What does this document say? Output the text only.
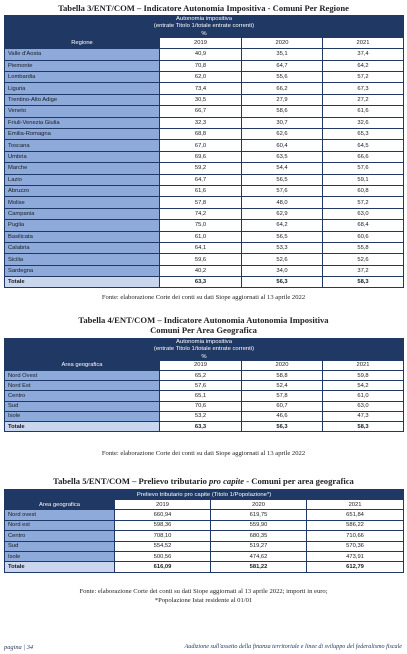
Tabella 3/ENT/COM – Indicatore Autonomia Impositiva - Comuni Per Regione
Autonomia impositiva			
(entrate Titolo 1/totale entrate correnti)			
%			
Regione	2019	2020	2021
Valle d'Aosta	40,9	35,1	37,4
Piemonte	70,8	64,7	64,2
Lombardia	62,0	55,6	57,2
Liguria	73,4	66,2	67,3
Trentino-Alto Adige	30,5	27,9	27,2
Veneto	66,7	58,6	61,6
Friuli-Venezia Giulia	32,3	30,7	32,6
Emilia-Romagna	68,8	62,6	65,3
Toscana	67,0	60,4	64,5
Umbria	69,6	63,5	66,6
Marche	59,2	54,4	57,6
Lazio	64,7	56,5	59,1
Abruzzo	61,6	57,6	60,8
Molise	57,8	48,0	57,2
Campania	74,2	62,9	63,0
Puglia	75,0	64,2	68,4
Basilicata	61,0	56,5	60,6
Calabria	64,1	53,3	55,8
Sicilia	59,6	52,6	52,6
Sardegna	40,2	34,0	37,2
Totale	63,3	56,3	58,3
Fonte: elaborazione Corte dei conti su dati Siope aggiornati al 13 aprile 2022
Tabella 4/ENT/COM – Indicatore Autonomia Autonomia Impositiva
Comuni Per Area Geografica
Autonomia impositiva			
(entrate Titolo 1/totale entrate correnti)			
%			
Area geografica	2019	2020	2021
Nord Ovest	65,2	58,8	59,8
Nord Est	57,6	52,4	54,2
Centro	65,1	57,8	61,0
Sud	70,6	60,7	63,0
Isole	53,2	46,6	47,3
Totale	63,3	56,3	58,3
Fonte: elaborazione Corte dei conti su dati Siope aggiornati al 13 aprile 2022
Tabella 5/ENT/COM – Prelievo tributario pro capite - Comuni per area geografica
Prelievo tributario pro capite (Titolo 1/Popolazione*)			
Area geografica	2019	2020	2021
Nord ovest	660,94	619,75	651,84
Nord est	598,36	559,90	586,22
Centro	708,10	680,35	710,66
Sud	554,52	519,27	570,36
Isole	500,56	474,62	473,91
Totale	616,09	581,22	612,79
Fonte: elaborazione Corte dei conti su dati Siope aggiornati al 13 aprile 2022; importi in euro;
*Popolazione Istat residente al 01/01
pagina | 34	Audizione sull'assetto della finanza territoriale e linee di sviluppo del federalismo fiscale
